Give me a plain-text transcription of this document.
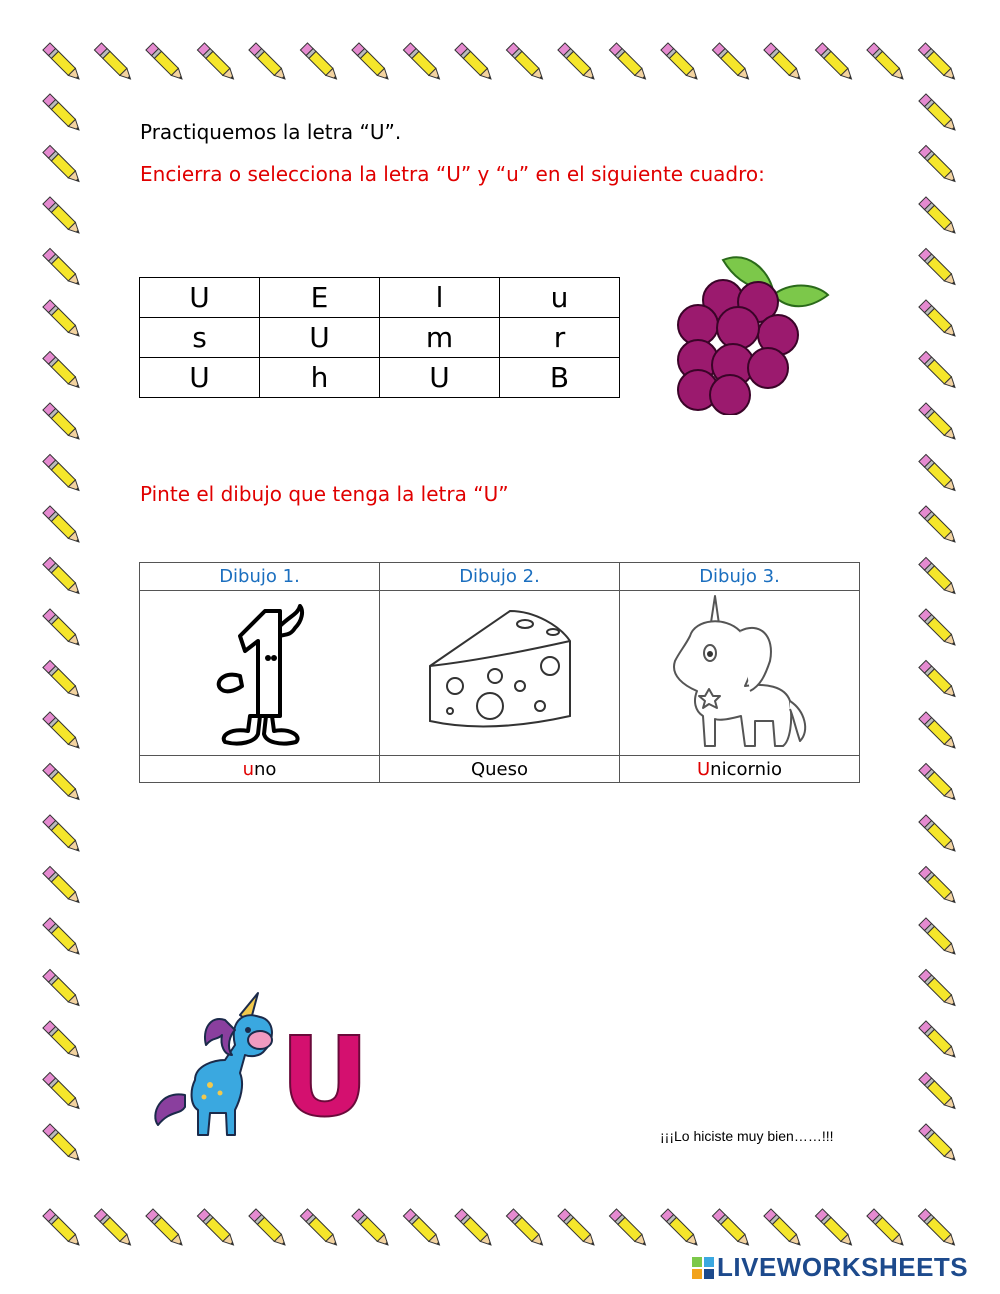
Practiquemos la letra “U”.
Encierra o selecciona la letra “U” y “u” en el siguiente cuadro:
U	E	l	u
s	U	m	r
U	h	U	B
Pinte el dibujo que tenga la letra “U”
Dibujo 1.	Dibujo 2.	Dibujo 3.

uno	Queso	Unicornio
U	¡¡¡Lo hiciste muy bien……!!!
LIVEWORKSHEETS
